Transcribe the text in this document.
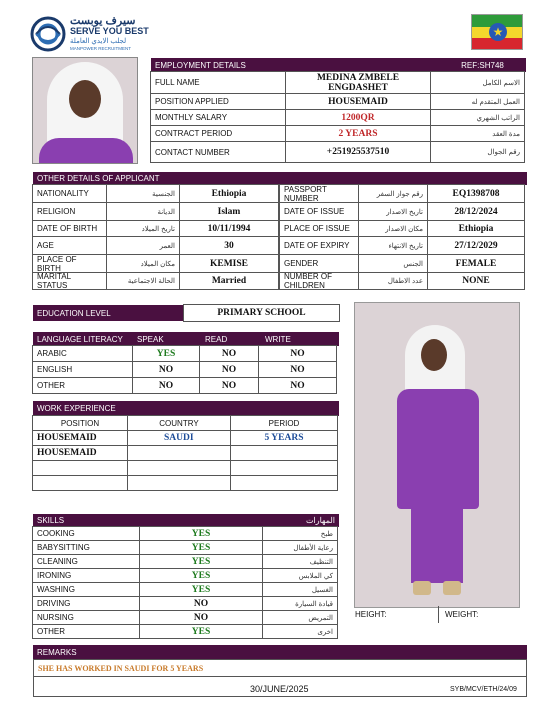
سيرف يوبست
SERVE YOU BEST
لجلب الايدي العاملة
MANPOWER RECRUITMENT
★
EMPLOYMENT DETAILS	REF:SH748
FULL NAME	MEDINA ZMBELE ENGDASHET	الاسم الكامل
POSITION APPLIED	HOUSEMAID	العمل المتقدم له
MONTHLY SALARY	1200QR	الراتب الشهري
CONTRACT PERIOD	2 YEARS	مدة العقد
CONTACT NUMBER	+251925537510	رقم الجوال
OTHER DETAILS OF APPLICANT
NATIONALITY	الجنسية	Ethiopia
RELIGION	الديانة	Islam
DATE OF BIRTH	تاريخ الميلاد	10/11/1994
AGE	العمر	30
PLACE OF BIRTH	مكان الميلاد	KEMISE
MARITAL STATUS	الحالة الاجتماعية	Married
PASSPORT NUMBER	رقم جواز السفر	EQ1398708
DATE OF ISSUE	تاريخ الاصدار	28/12/2024
PLACE OF ISSUE	مكان الاصدار	Ethiopia
DATE OF EXPIRY	تاريخ الانتهاء	27/12/2029
GENDER	الجنس	FEMALE
NUMBER OF CHILDREN	عدد الاطفال	NONE
EDUCATION LEVEL	PRIMARY SCHOOL
LANGUAGE LITERACY	SPEAK	READ	WRITE
ARABIC	YES	NO	NO
ENGLISH	NO	NO	NO
OTHER	NO	NO	NO
WORK EXPERIENCE
POSITION	COUNTRY	PERIOD
HOUSEMAID	SAUDI	5 YEARS
HOUSEMAID
HEIGHT:	WEIGHT:
SKILLS	المهارات
COOKING	YES	طبخ
BABYSITTING	YES	رعاية الأطفال
CLEANING	YES	التنظيف
IRONING	YES	كي الملابس
WASHING	YES	الغسيل
DRIVING	NO	قيادة السيارة
NURSING	NO	التمريض
OTHER	YES	اخرى
REMARKS
SHE HAS WORKED IN SAUDI FOR 5 YEARS
30/JUNE/2025	SYB/MCV/ETH/24/09
